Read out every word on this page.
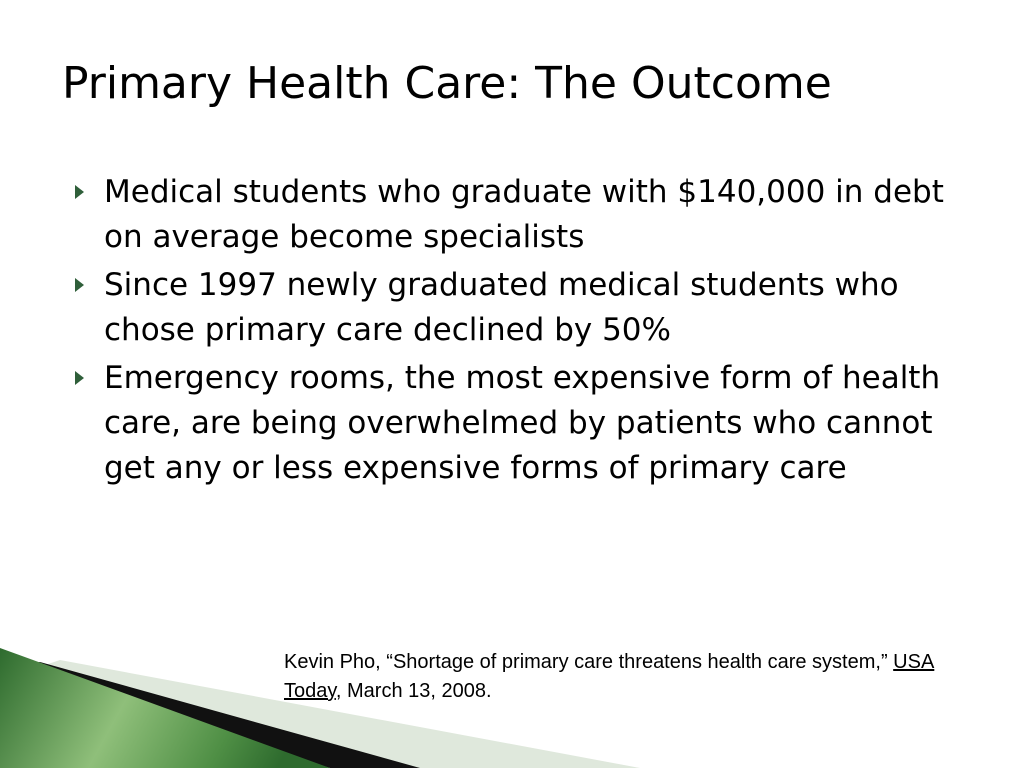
Primary Health Care: The Outcome
Medical students who graduate with $140,000 in debt on average become specialists
Since 1997 newly graduated medical students who chose primary care declined by 50%
Emergency rooms, the most expensive form of health care, are being overwhelmed by patients who cannot get any or less expensive forms of primary care

Kevin Pho, “Shortage of primary care threatens health care system,” USA Today, March 13, 2008.
